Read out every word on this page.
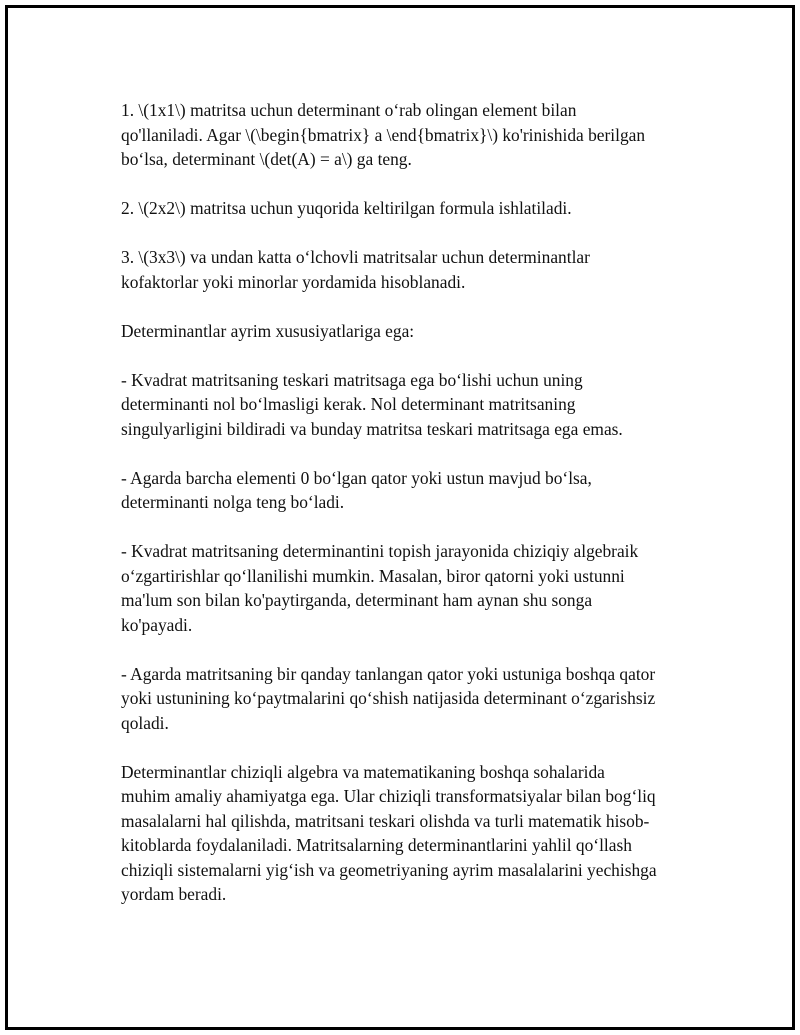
1. \(1x1\) matritsa uchun determinant o‘rab olingan element bilan
qo'llaniladi. Agar \(\begin{bmatrix} a \end{bmatrix}\) ko'rinishida berilgan
bo‘lsa, determinant \(det(A) = a\) ga teng.

2. \(2x2\) matritsa uchun yuqorida keltirilgan formula ishlatiladi.

3. \(3x3\) va undan katta o‘lchovli matritsalar uchun determinantlar
kofaktorlar yoki minorlar yordamida hisoblanadi.

Determinantlar ayrim xususiyatlariga ega:

- Kvadrat matritsaning teskari matritsaga ega bo‘lishi uchun uning
determinanti nol bo‘lmasligi kerak. Nol determinant matritsaning
singulyarligini bildiradi va bunday matritsa teskari matritsaga ega emas.

- Agarda barcha elementi 0 bo‘lgan qator yoki ustun mavjud bo‘lsa,
determinanti nolga teng bo‘ladi.

- Kvadrat matritsaning determinantini topish jarayonida chiziqiy algebraik
o‘zgartirishlar qo‘llanilishi mumkin. Masalan, biror qatorni yoki ustunni
ma'lum son bilan ko'paytirganda, determinant ham aynan shu songa
ko'payadi.

- Agarda matritsaning bir qanday tanlangan qator yoki ustuniga boshqa qator
yoki ustunining ko‘paytmalarini qo‘shish natijasida determinant o‘zgarishsiz
qoladi.

Determinantlar chiziqli algebra va matematikaning boshqa sohalarida
muhim amaliy ahamiyatga ega. Ular chiziqli transformatsiyalar bilan bog‘liq
masalalarni hal qilishda, matritsani teskari olishda va turli matematik hisob-
kitoblarda foydalaniladi. Matritsalarning determinantlarini yahlil qo‘llash
chiziqli sistemalarni yig‘ish va geometriyaning ayrim masalalarini yechishga
yordam beradi.
